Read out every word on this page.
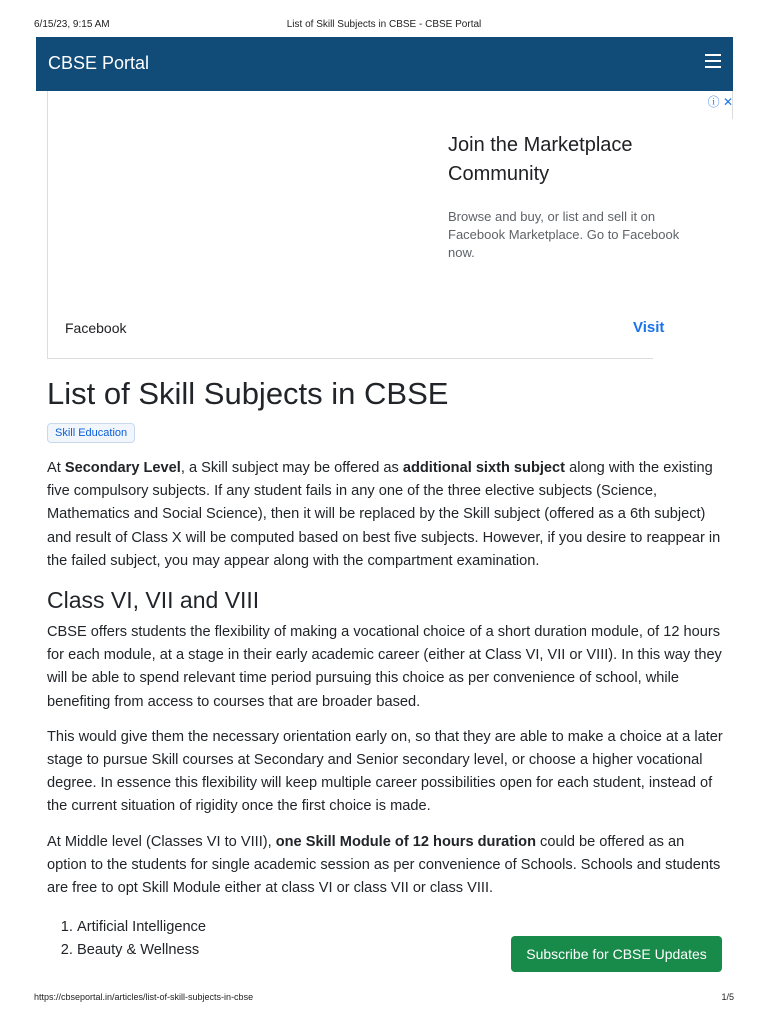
6/15/23, 9:15 AM	List of Skill Subjects in CBSE - CBSE Portal
CBSE Portal
Join the Marketplace Community
Browse and buy, or list and sell it on Facebook Marketplace. Go to Facebook now.
Facebook	Visit
ⓘ ✕
List of Skill Subjects in CBSE
Skill Education

At Secondary Level, a Skill subject may be offered as additional sixth subject along with the existing five compulsory subjects. If any student fails in any one of the three elective subjects (Science, Mathematics and Social Science), then it will be replaced by the Skill subject (offered as a 6th subject) and result of Class X will be computed based on best five subjects. However, if you desire to reappear in the failed subject, you may appear along with the compartment examination.

Class VI, VII and VIII

CBSE offers students the flexibility of making a vocational choice of a short duration module, of 12 hours for each module, at a stage in their early academic career (either at Class VI, VII or VIII). In this way they will be able to spend relevant time period pursuing this choice as per convenience of school, while benefiting from access to courses that are broader based.

This would give them the necessary orientation early on, so that they are able to make a choice at a later stage to pursue Skill courses at Secondary and Senior secondary level, or choose a higher vocational degree. In essence this flexibility will keep multiple career possibilities open for each student, instead of the current situation of rigidity once the first choice is made.

At Middle level (Classes VI to VIII), one Skill Module of 12 hours duration could be offered as an option to the students for single academic session as per convenience of Schools. Schools and students are free to opt Skill Module either at class VI or class VII or class VIII.

1. Artificial Intelligence
2. Beauty & Wellness	Subscribe for CBSE Updates
https://cbseportal.in/articles/list-of-skill-subjects-in-cbse	1/5
